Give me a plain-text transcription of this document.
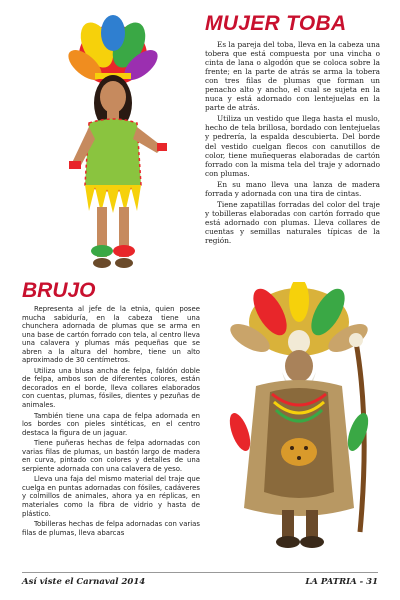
MUJER TOBA

Es la pareja del toba, lleva en la cabeza una tobera que está compuesta por una vincha o cinta de lana o algodón que se coloca sobre la frente; en la parte de atrás se arma la tobera con tres filas de plumas que forman un penacho alto y ancho, el cual se sujeta en la nuca y está adornado con lentejuelas en la parte de atrás.

Utiliza un vestido que llega hasta el muslo, hecho de tela brillosa, bordado con lentejuelas y pedrería, la espalda descubierta. Del borde del vestido cuelgan flecos con canutillos de color, tiene muñequeras elaboradas de cartón forrado con la misma tela del traje y adornado con plumas.

En su mano lleva una lanza de madera forrada y adornada con una tira de cintas.

Tiene zapatillas forradas del color del traje y tobilleras elaboradas con cartón forrado que está adornado con plumas. Lleva collares de cuentas y semillas naturales típicas de la región.

BRUJO

Representa al jefe de la etnia, quien posee mucha sabiduría, en la cabeza tiene una chunchera adornada de plumas que se arma en una base de cartón forrado con tela, al centro lleva una calavera y plumas más pequeñas que se abren a la altura del hombre, tiene un alto aproximado de 30 centímetros.

Utiliza una blusa ancha de felpa, faldón doble de felpa, ambos son de diferentes colores, están decorados en el borde, lleva collares elaborados con cuentas, plumas, fósiles, dientes y pezuñas de animales.

También tiene una capa de felpa adornada en los bordes con pieles sintéticas, en el centro destaca la figura de un jaguar.

Tiene puñeras hechas de felpa adornadas con varias filas de plumas, un bastón largo de madera en curva, pintado con colores y detalles de una serpiente adornada con una calavera de yeso.

Lleva una faja del mismo material del traje que cuelga en puntas adornadas con fósiles, cadáveres y colmillos de animales, ahora ya en réplicas, en materiales como la fibra de vidrio y hasta de plástico.

Tobilleras hechas de felpa adornadas con varias filas de plumas, lleva abarcas

Así viste el Carnaval 2014	LA PATRIA - 31
